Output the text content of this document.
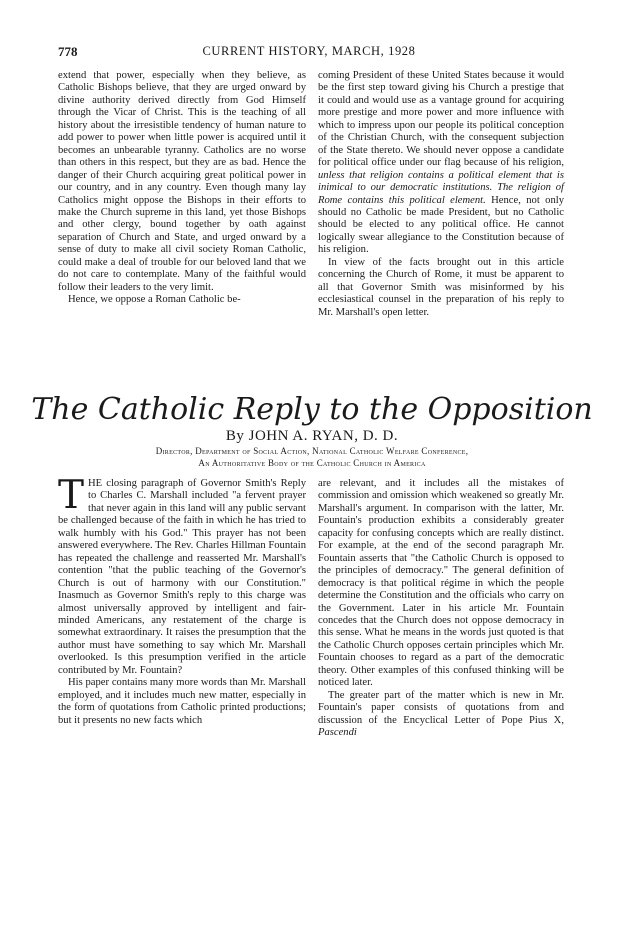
778	CURRENT HISTORY, MARCH, 1928

extend that power, especially when they believe, as Catholic Bishops believe, that they are urged onward by divine authority derived directly from God Himself through the Vicar of Christ. This is the teaching of all history about the irresistible tendency of human nature to add power to power when little power is acquired until it becomes an unbearable tyranny. Catholics are no worse than others in this respect, but they are as bad. Hence the danger of their Church acquiring great political power in our country, and in any country. Even though many lay Catholics might oppose the Bishops in their efforts to make the Church supreme in this land, yet those Bishops and other clergy, bound together by oath against separation of Church and State, and urged onward by a sense of duty to make all civil society Roman Catholic, could make a deal of trouble for our beloved land that we do not care to contemplate. Many of the faithful would follow their leaders to the very limit.

Hence, we oppose a Roman Catholic be-

coming President of these United States because it would be the first step toward giving his Church a prestige that it could and would use as a vantage ground for acquiring more prestige and more power and more influence with which to impress upon our people its political conception of the Christian Church, with the consequent subjection of the State thereto. We should never oppose a candidate for political office under our flag because of his religion, unless that religion contains a political element that is inimical to our democratic institutions. The religion of Rome contains this political element. Hence, not only should no Catholic be made President, but no Catholic should be elected to any political office. He cannot logically swear allegiance to the Constitution because of his religion.

In view of the facts brought out in this article concerning the Church of Rome, it must be apparent to all that Governor Smith was misinformed by his ecclesiastical counsel in the preparation of his reply to Mr. Marshall's open letter.

The Catholic Reply to the Opposition
By JOHN A. RYAN, D. D.
Director, Department of Social Action, National Catholic Welfare Conference,
An Authoritative Body of the Catholic Church in America

THE closing paragraph of Governor Smith's Reply to Charles C. Marshall included "a fervent prayer that never again in this land will any public servant be challenged because of the faith in which he has tried to walk humbly with his God." This prayer has not been answered everywhere. The Rev. Charles Hillman Fountain has repeated the challenge and reasserted Mr. Marshall's contention "that the public teaching of the Governor's Church is out of harmony with our Constitution." Inasmuch as Governor Smith's reply to this charge was almost universally approved by intelligent and fair-minded Americans, any restatement of the charge is somewhat extraordinary. It raises the presumption that the author must have something to say which Mr. Marshall overlooked. Is this presumption verified in the article contributed by Mr. Fountain?

His paper contains many more words than Mr. Marshall employed, and it includes much new matter, especially in the form of quotations from Catholic printed productions; but it presents no new facts which

are relevant, and it includes all the mistakes of commission and omission which weakened so greatly Mr. Marshall's argument. In comparison with the latter, Mr. Fountain's production exhibits a considerably greater capacity for confusing concepts which are really distinct. For example, at the end of the second paragraph Mr. Fountain asserts that "the Catholic Church is opposed to the principles of democracy." The general definition of democracy is that political régime in which the people determine the Constitution and the officials who carry on the Government. Later in his article Mr. Fountain concedes that the Church does not oppose democracy in this sense. What he means in the words just quoted is that the Catholic Church opposes certain principles which Mr. Fountain chooses to regard as a part of the democratic theory. Other examples of this confused thinking will be noticed later.

The greater part of the matter which is new in Mr. Fountain's paper consists of quotations from and discussion of the Encyclical Letter of Pope Pius X, Pascendi
